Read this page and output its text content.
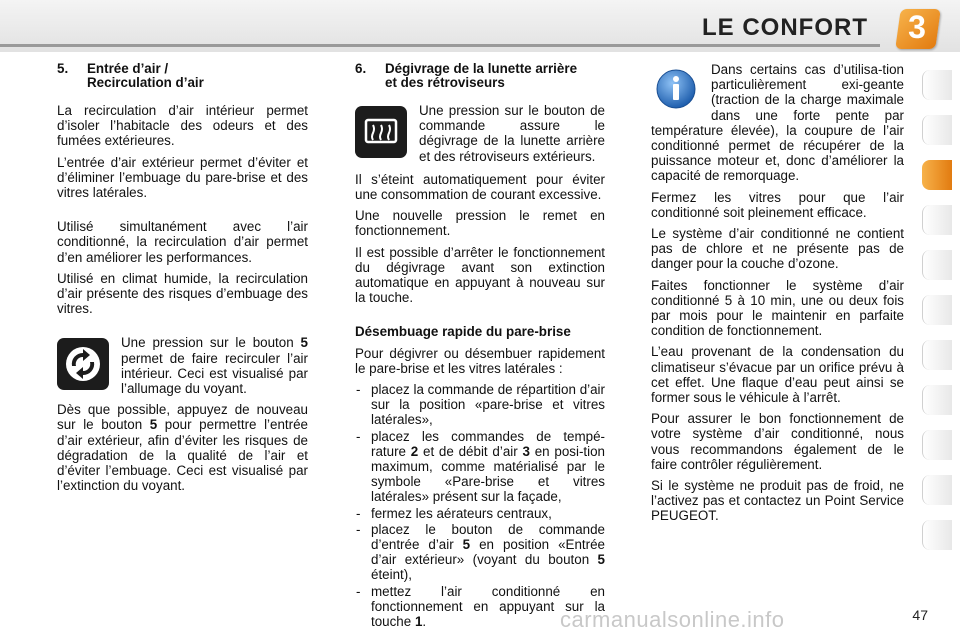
LE CONFORT 3
5.	Entrée d’air /
Recirculation d’air

La recirculation d’air intérieur permet d’isoler l’habitacle des odeurs et des fumées extérieures.

L’entrée d’air extérieur permet d’éviter et d’éliminer l’embuage du pare-brise et des vitres latérales.

Utilisé simultanément avec l’air conditionné, la recirculation d’air permet d’en améliorer les performances.

Utilisé en climat humide, la recirculation d’air présente des risques d’embuage des vitres.

Une pression sur le bouton 5 permet de faire recirculer l’air intérieur. Ceci est visualisé par l’allumage du voyant.

Dès que possible, appuyez de nouveau sur le bouton 5 pour permettre l’entrée d’air extérieur, afin d’éviter les risques de dégradation de la qualité de l’air et d’éviter l’embuage. Ceci est visualisé par l’extinction du voyant.

6.	Dégivrage de la lunette arrière
et des rétroviseurs

Une pression sur le bouton de commande assure le dégivrage de la lunette arrière et des rétroviseurs extérieurs.

Il s’éteint automatiquement pour éviter une consommation de courant excessive.

Une nouvelle pression le remet en fonctionnement.

Il est possible d’arrêter le fonctionnement du dégivrage avant son extinction automatique en appuyant à nouveau sur la touche.

Désembuage rapide du pare-brise

Pour dégivrer ou désembuer rapidement le pare-brise et les vitres latérales :

- placez la commande de répartition d’air sur la position «pare-brise et vitres latérales»,
- placez les commandes de tempé-rature 2 et de débit d’air 3 en posi-tion maximum, comme matérialisé par le symbole «Pare-brise et vitres latérales» présent sur la façade,
- fermez les aérateurs centraux,
- placez le bouton de commande d’entrée d’air 5 en position «Entrée d’air extérieur» (voyant du bouton 5 éteint),
- mettez l’air conditionné en fonctionnement en appuyant sur la touche 1.

Dans certains cas d’utilisa-tion particulièrement exi-geante (traction de la charge maximale dans une forte pente par température élevée), la coupure de l’air conditionné permet de récupérer de la puissance moteur et, donc d’améliorer la capacité de remorquage.

Fermez les vitres pour que l’air conditionné soit pleinement efficace.

Le système d’air conditionné ne contient pas de chlore et ne présente pas de danger pour la couche d’ozone.

Faites fonctionner le système d’air conditionné 5 à 10 min, une ou deux fois par mois pour le maintenir en parfaite condition de fonctionnement.

L’eau provenant de la condensation du climatiseur s’évacue par un orifice prévu à cet effet. Une flaque d’eau peut ainsi se former sous le véhicule à l’arrêt.

Pour assurer le bon fonctionnement de votre système d’air conditionné, nous vous recommandons également de le faire contrôler régulièrement.

Si le système ne produit pas de froid, ne l’activez pas et contactez un Point Service PEUGEOT.

carmanualsonline.info	47
